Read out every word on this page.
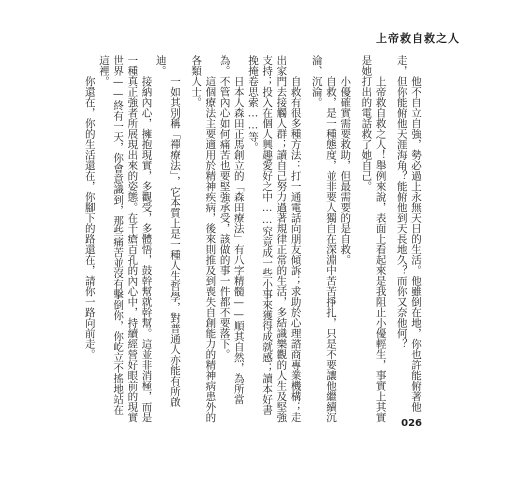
上帝救自救之人

他不自立自強，勢必過上永無天日的生活。他雖倒在地，你也許能俯著他走，但你能俯他天涯海角？能俯他到天長地久？而你又奈他何？

上帝救自救之人！舉例來說，表面上看起來是我阻止小優輕生，事實上其實是她打出的電話救了她自己。

小優確實需要救助，但最需要的是自救。

自救，是一種態度，並非要人獨自在深淵中苦苦掙扎，只是不要讓他繼續沉淪、沉淪。

自救有很多種方法：打一通電話向朋友傾訴；求助於心理諮商專業機構；走出家門去接觸人群；讀自己努力過著規律正常的生活，多結識樂觀的人生及堅強支持；投入在個人興趣愛好之中……究竟成一些小事來獲得成就感；讀本好書挽掩卷思索……等。

日本人森田正馬創立的「森田療法」有八字精髓——順其自然，為所當為。不管內心如何痛苦也要堅強承受，該做的事一件都不要落下。

這個療法主要適用於精神疾病，後來則推及到喪失自創能力的精神病患外的各類人士。

一如其別稱「禪療法」，它本質上是一種人生哲學，對普通人亦能有所啟迪。

接納內心，擁抱現實，多觀受，多體悟，鼓幹幫就幹幫。這並非消極，而是一種真正強者所展現出來的姿態。在千瘡百孔的內心中，持續經營好眼前的現實世界——終有一天，你會意識到，那些痛苦並沒有擊倒你，你屹立不搖地站在這裡。

你還在，你的生活還在，你腳下的路還在，請你一路向前走。

026
